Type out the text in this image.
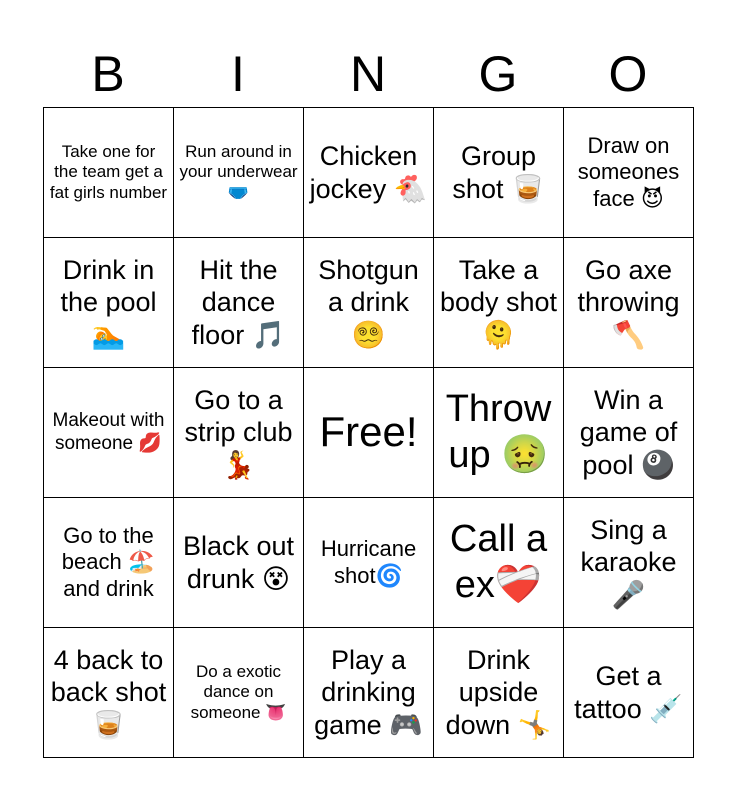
B	I	N	G	O
Take one for the team get a fat girls number	Run around in your underwear 🩲	Chicken jockey 🐔	Group shot 🥃	Draw on someones face 😈
Drink in the pool 🏊	Hit the dance floor 🎵	Shotgun a drink 😵‍💫	Take a body shot 🫠	Go axe throwing 🪓
Makeout with someone 💋	Go to a strip club 💃	Free!	Throw up 🤢	Win a game of pool 🎱
Go to the beach 🏖️ and drink	Black out drunk 😵	Hurricane shot🌀	Call a ex❤️‍🩹	Sing a karaoke 🎤
4 back to back shot🥃	Do a exotic dance on someone 👅	Play a drinking game 🎮	Drink upside down 🤸	Get a tattoo 💉
